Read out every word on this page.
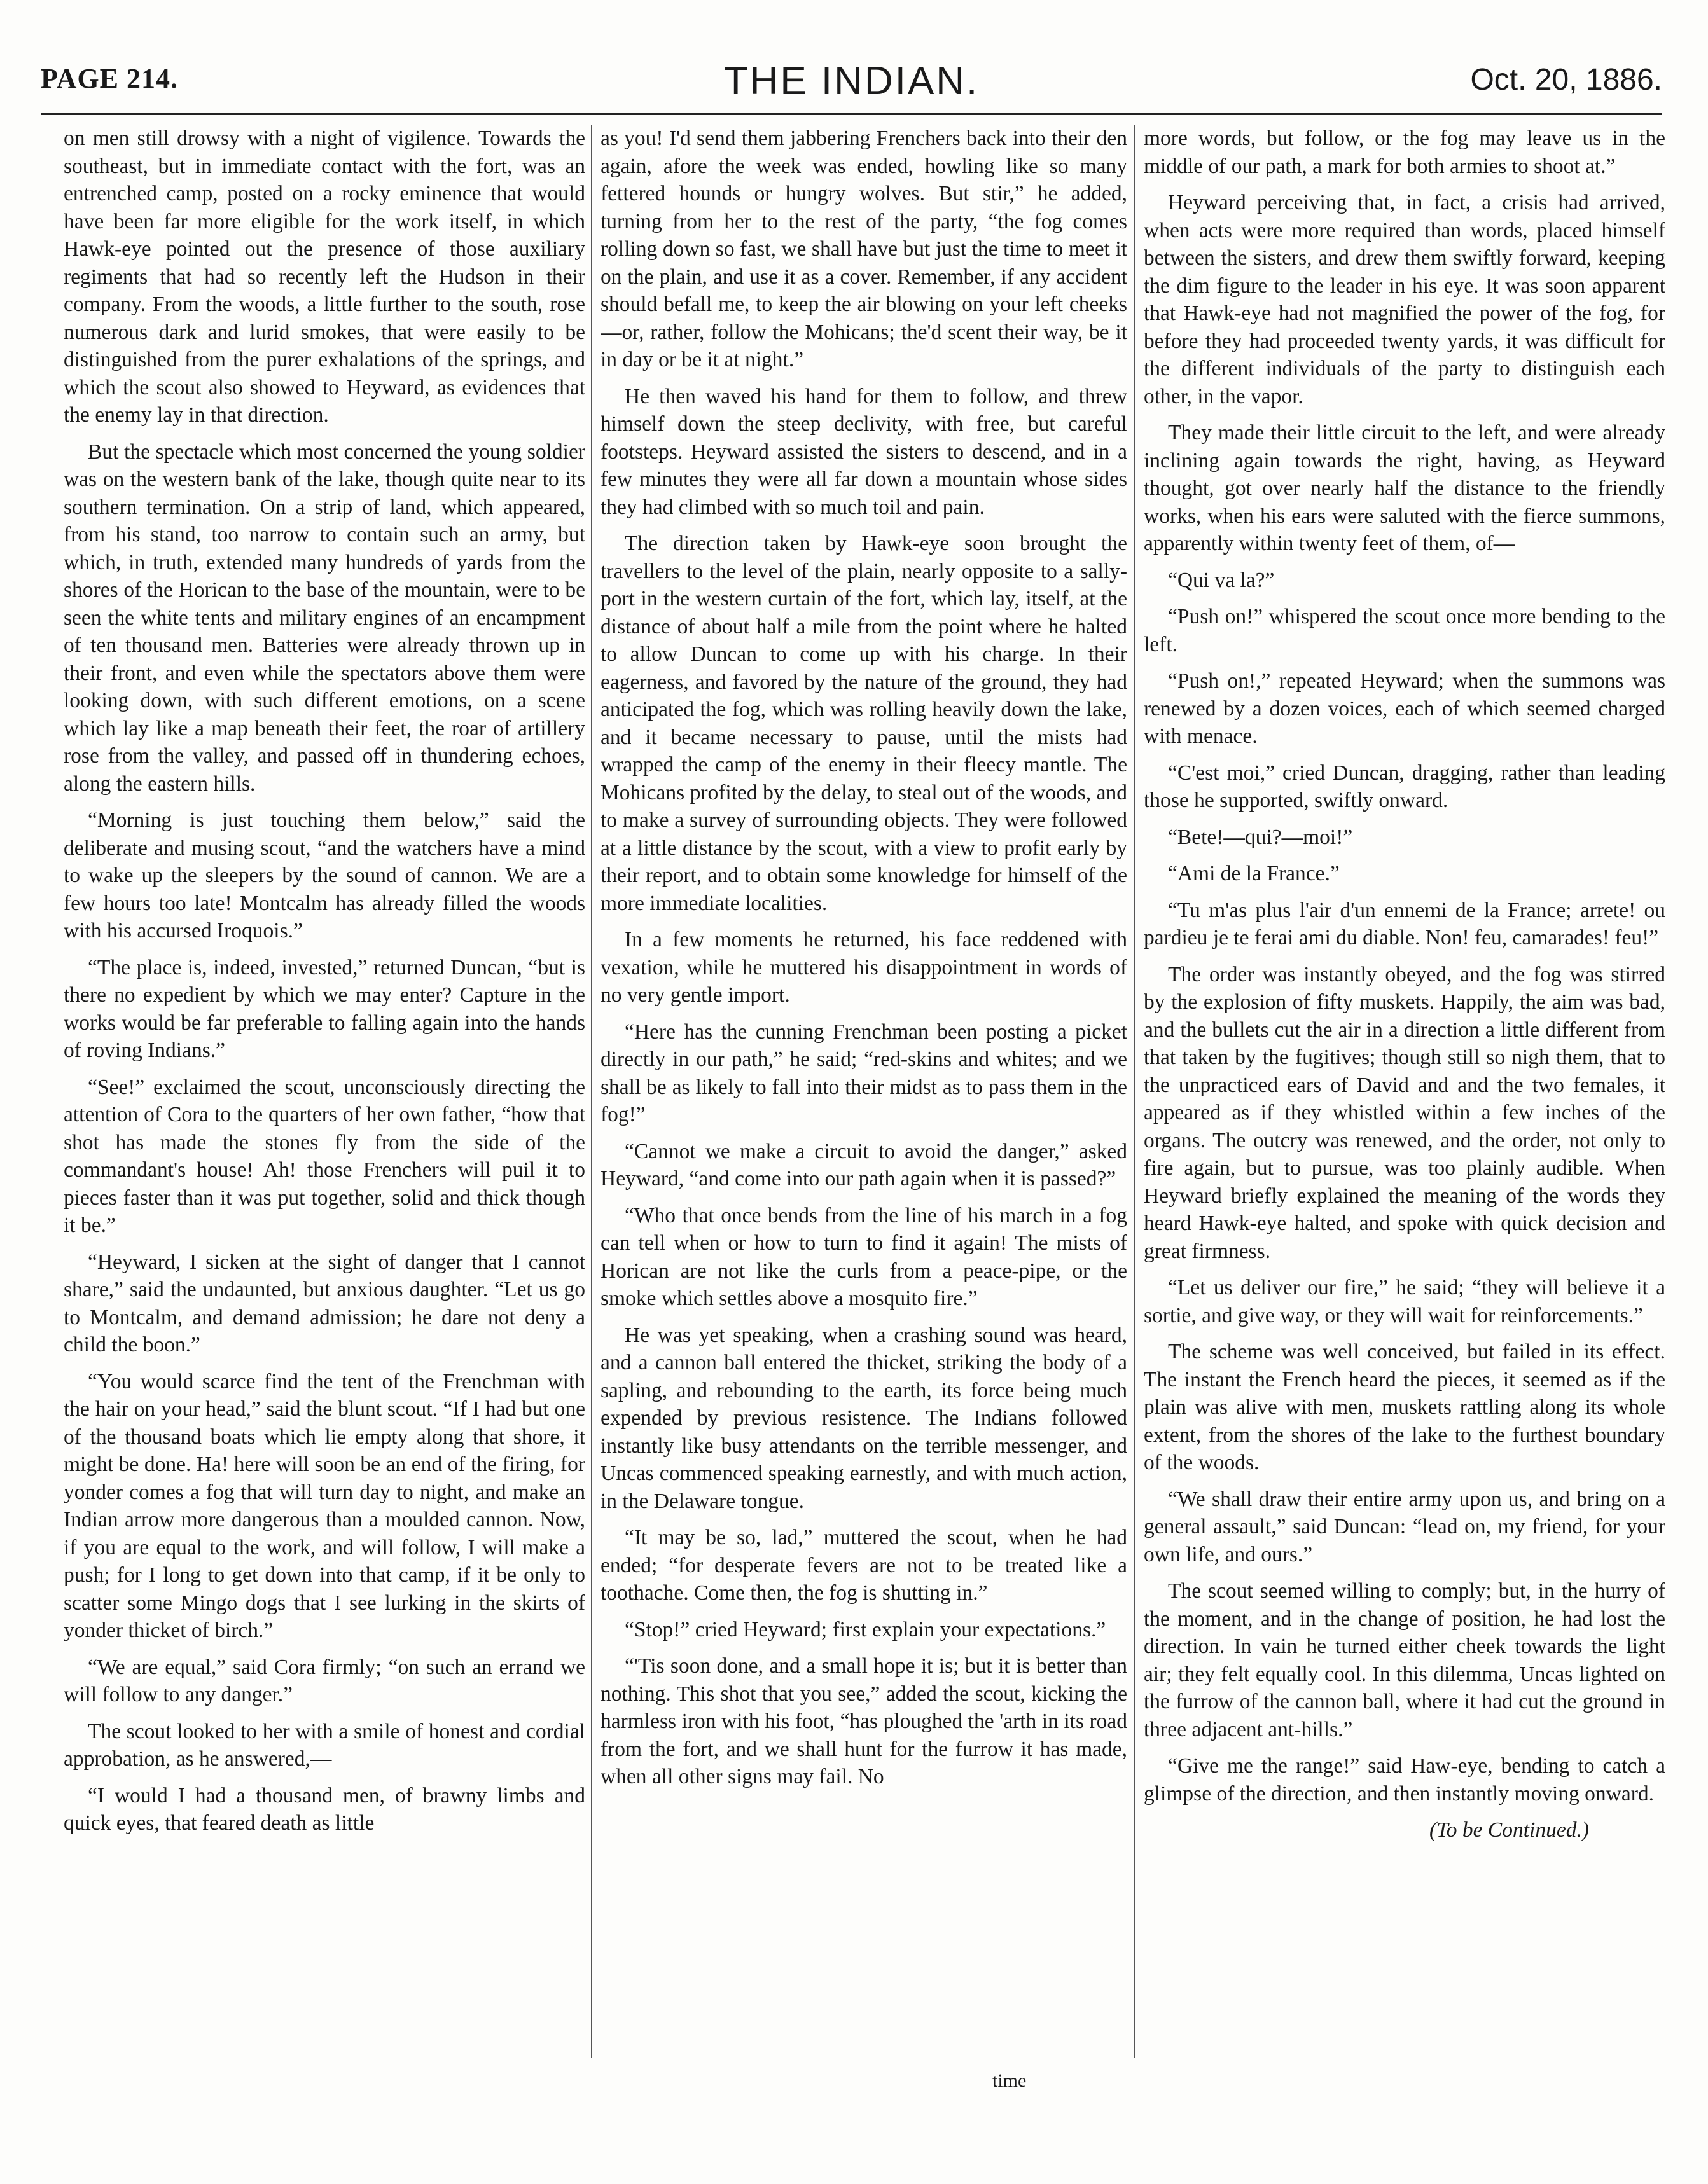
PAGE 214.	THE INDIAN.	Oct. 20, 1886.

on men still drowsy with a night of vigilence. Towards the southeast, but in immediate contact with the fort, was an entrenched camp, posted on a rocky eminence that would have been far more eligible for the work itself, in which Hawk-eye pointed out the presence of those auxiliary regiments that had so recently left the Hudson in their company. From the woods, a little further to the south, rose numerous dark and lurid smokes, that were easily to be distinguished from the purer exhalations of the springs, and which the scout also showed to Heyward, as evidences that the enemy lay in that direction.

But the spectacle which most concerned the young soldier was on the western bank of the lake, though quite near to its southern termination. On a strip of land, which appeared, from his stand, too narrow to contain such an army, but which, in truth, extended many hundreds of yards from the shores of the Horican to the base of the mountain, were to be seen the white tents and military engines of an encampment of ten thousand men. Batteries were already thrown up in their front, and even while the spectators above them were looking down, with such different emotions, on a scene which lay like a map beneath their feet, the roar of artillery rose from the valley, and passed off in thundering echoes, along the eastern hills.

“Morning is just touching them below,” said the deliberate and musing scout, “and the watchers have a mind to wake up the sleepers by the sound of cannon. We are a few hours too late! Montcalm has already filled the woods with his accursed Iroquois.”

“The place is, indeed, invested,” returned Duncan, “but is there no expedient by which we may enter? Capture in the works would be far preferable to falling again into the hands of roving Indians.”

“See!” exclaimed the scout, unconsciously directing the attention of Cora to the quarters of her own father, “how that shot has made the stones fly from the side of the commandant's house! Ah! those Frenchers will puil it to pieces faster than it was put together, solid and thick though it be.”

“Heyward, I sicken at the sight of danger that I cannot share,” said the undaunted, but anxious daughter. “Let us go to Montcalm, and demand admission; he dare not deny a child the boon.”

“You would scarce find the tent of the Frenchman with the hair on your head,” said the blunt scout. “If I had but one of the thousand boats which lie empty along that shore, it might be done. Ha! here will soon be an end of the firing, for yonder comes a fog that will turn day to night, and make an Indian arrow more dangerous than a moulded cannon. Now, if you are equal to the work, and will follow, I will make a push; for I long to get down into that camp, if it be only to scatter some Mingo dogs that I see lurking in the skirts of yonder thicket of birch.”

“We are equal,” said Cora firmly; “on such an errand we will follow to any danger.”

The scout looked to her with a smile of honest and cordial approbation, as he answered,—

“I would I had a thousand men, of brawny limbs and quick eyes, that feared death as little

as you! I'd send them jabbering Frenchers back into their den again, afore the week was ended, howling like so many fettered hounds or hungry wolves. But stir,” he added, turning from her to the rest of the party, “the fog comes rolling down so fast, we shall have but just the time to meet it on the plain, and use it as a cover. Remember, if any accident should befall me, to keep the air blowing on your left cheeks—or, rather, follow the Mohicans; the'd scent their way, be it in day or be it at night.”

He then waved his hand for them to follow, and threw himself down the steep declivity, with free, but careful footsteps. Heyward assisted the sisters to descend, and in a few minutes they were all far down a mountain whose sides they had climbed with so much toil and pain.

The direction taken by Hawk-eye soon brought the travellers to the level of the plain, nearly opposite to a sally-port in the western curtain of the fort, which lay, itself, at the distance of about half a mile from the point where he halted to allow Duncan to come up with his charge. In their eagerness, and favored by the nature of the ground, they had anticipated the fog, which was rolling heavily down the lake, and it became necessary to pause, until the mists had wrapped the camp of the enemy in their fleecy mantle. The Mohicans profited by the delay, to steal out of the woods, and to make a survey of surrounding objects. They were followed at a little distance by the scout, with a view to profit early by their report, and to obtain some knowledge for himself of the more immediate localities.

In a few moments he returned, his face reddened with vexation, while he muttered his disappointment in words of no very gentle import.

“Here has the cunning Frenchman been posting a picket directly in our path,” he said; “red-skins and whites; and we shall be as likely to fall into their midst as to pass them in the fog!”

“Cannot we make a circuit to avoid the danger,” asked Heyward, “and come into our path again when it is passed?”

“Who that once bends from the line of his march in a fog can tell when or how to turn to find it again! The mists of Horican are not like the curls from a peace-pipe, or the smoke which settles above a mosquito fire.”

He was yet speaking, when a crashing sound was heard, and a cannon ball entered the thicket, striking the body of a sapling, and rebounding to the earth, its force being much expended by previous resistence. The Indians followed instantly like busy attendants on the terrible messenger, and Uncas commenced speaking earnestly, and with much action, in the Delaware tongue.

“It may be so, lad,” muttered the scout, when he had ended; “for desperate fevers are not to be treated like a toothache. Come then, the fog is shutting in.”

“Stop!” cried Heyward; first explain your expectations.”

“'Tis soon done, and a small hope it is; but it is better than nothing. This shot that you see,” added the scout, kicking the harmless iron with his foot, “has ploughed the 'arth in its road from the fort, and we shall hunt for the furrow it has made, when all other signs may fail. No

more words, but follow, or the fog may leave us in the middle of our path, a mark for both armies to shoot at.”

Heyward perceiving that, in fact, a crisis had arrived, when acts were more required than words, placed himself between the sisters, and drew them swiftly forward, keeping the dim figure to the leader in his eye. It was soon apparent that Hawk-eye had not magnified the power of the fog, for before they had proceeded twenty yards, it was difficult for the different individuals of the party to distinguish each other, in the vapor.

They made their little circuit to the left, and were already inclining again towards the right, having, as Heyward thought, got over nearly half the distance to the friendly works, when his ears were saluted with the fierce summons, apparently within twenty feet of them, of—

“Qui va la?”

“Push on!” whispered the scout once more bending to the left.

“Push on!,” repeated Heyward; when the summons was renewed by a dozen voices, each of which seemed charged with menace.

“C'est moi,” cried Duncan, dragging, rather than leading those he supported, swiftly onward.

“Bete!—qui?—moi!”

“Ami de la France.”

“Tu m'as plus l'air d'un ennemi de la France; arrete! ou pardieu je te ferai ami du diable. Non! feu, camarades! feu!”

The order was instantly obeyed, and the fog was stirred by the explosion of fifty muskets. Happily, the aim was bad, and the bullets cut the air in a direction a little different from that taken by the fugitives; though still so nigh them, that to the unpracticed ears of David and and the two females, it appeared as if they whistled within a few inches of the organs. The outcry was renewed, and the order, not only to fire again, but to pursue, was too plainly audible. When Heyward briefly explained the meaning of the words they heard Hawk-eye halted, and spoke with quick decision and great firmness.

“Let us deliver our fire,” he said; “they will believe it a sortie, and give way, or they will wait for reinforcements.”

The scheme was well conceived, but failed in its effect. The instant the French heard the pieces, it seemed as if the plain was alive with men, muskets rattling along its whole extent, from the shores of the lake to the furthest boundary of the woods.

“We shall draw their entire army upon us, and bring on a general assault,” said Duncan: “lead on, my friend, for your own life, and ours.”

The scout seemed willing to comply; but, in the hurry of the moment, and in the change of position, he had lost the direction. In vain he turned either cheek towards the light air; they felt equally cool. In this dilemma, Uncas lighted on the furrow of the cannon ball, where it had cut the ground in three adjacent ant-hills.”

“Give me the range!” said Haw-eye, bending to catch a glimpse of the direction, and then instantly moving onward.

(To be Continued.)

time
